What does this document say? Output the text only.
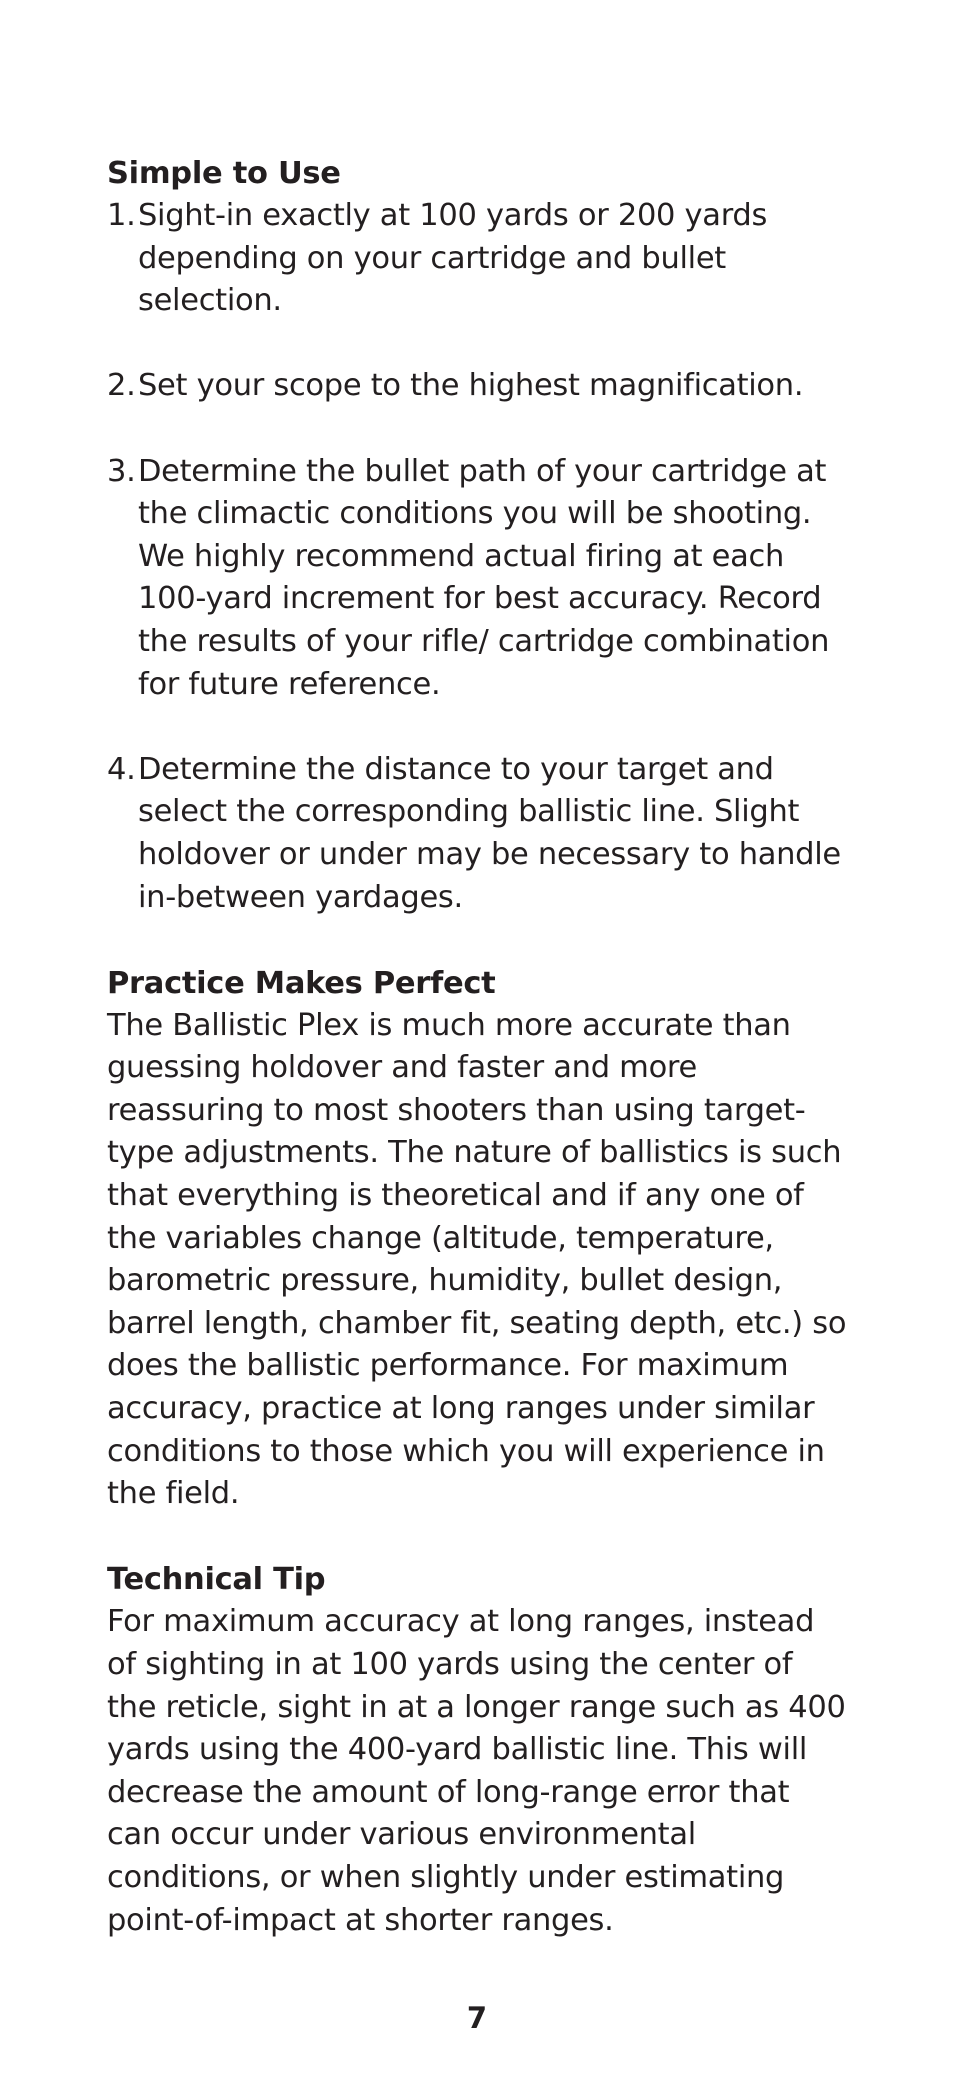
Simple to Use
1. Sight-in exactly at 100 yards or 200 yards depending on your cartridge and bullet selection.
2. Set your scope to the highest magnification.
3. Determine the bullet path of your cartridge at the climactic conditions you will be shooting. We highly recommend actual firing at each 100-yard increment for best accuracy. Record the results of your rifle/ cartridge combination for future reference.
4. Determine the distance to your target and select the corresponding ballistic line. Slight holdover or under may be necessary to handle in-between yardages.
Practice Makes Perfect

The Ballistic Plex is much more accurate than guessing holdover and faster and more reassuring to most shooters than using target-type adjustments. The nature of ballistics is such that everything is theoretical and if any one of the variables change (altitude, temperature, barometric pressure, humidity, bullet design, barrel length, chamber fit, seating depth, etc.) so does the ballistic performance. For maximum accuracy, practice at long ranges under similar conditions to those which you will experience in the field.

Technical Tip

For maximum accuracy at long ranges, instead of sighting in at 100 yards using the center of the reticle, sight in at a longer range such as 400 yards using the 400-yard ballistic line. This will decrease the amount of long-range error that can occur under various environmental conditions, or when slightly under estimating point-of-impact at shorter ranges.

7
